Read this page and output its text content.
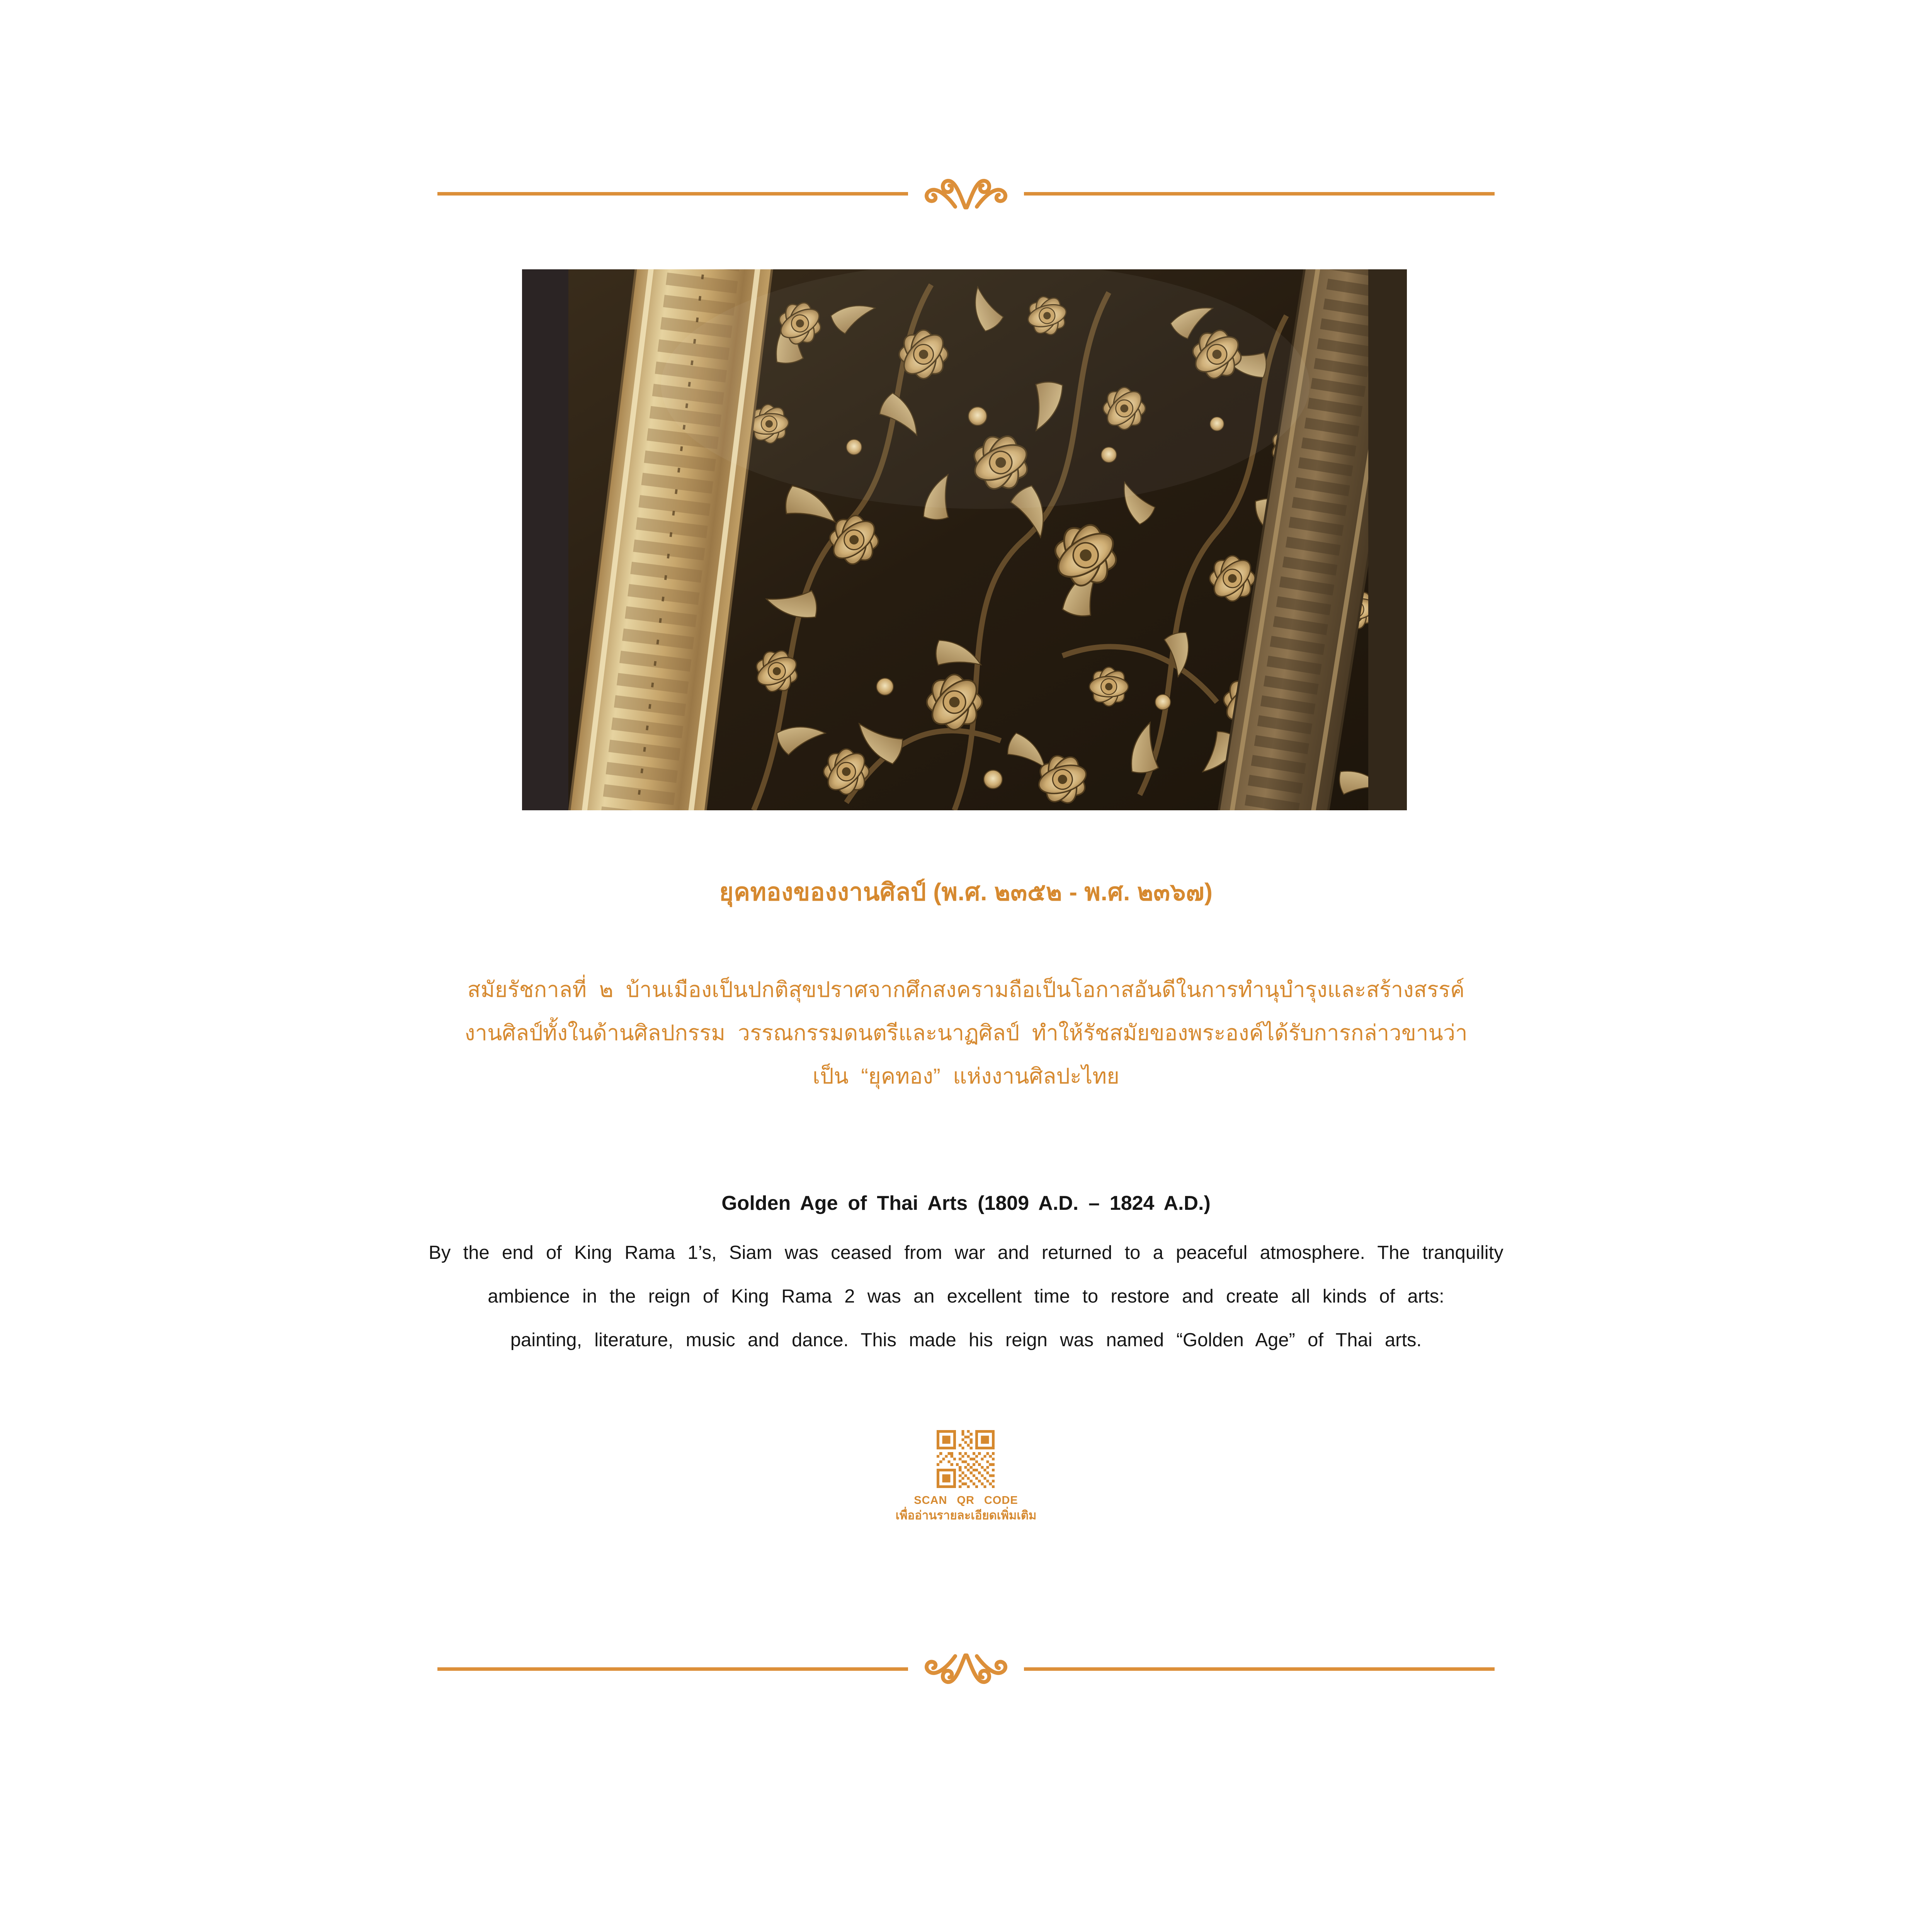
ยุคทองของงานศิลป์ (พ.ศ. ๒๓๕๒ - พ.ศ. ๒๓๖๗)

สมัยรัชกาลที่ ๒ บ้านเมืองเป็นปกติสุขปราศจากศึกสงครามถือเป็นโอกาสอันดีในการทำนุบำรุงและสร้างสรรค์
งานศิลป์ทั้งในด้านศิลปกรรม วรรณกรรมดนตรีและนาฏศิลป์ ทำให้รัชสมัยของพระองค์ได้รับการกล่าวขานว่า
เป็น “ยุคทอง” แห่งงานศิลปะไทย

Golden Age of Thai Arts (1809 A.D. – 1824 A.D.)

By the end of King Rama 1’s, Siam was ceased from war and returned to a peaceful atmosphere. The tranquility
ambience in the reign of King Rama 2 was an excellent time to restore and create all kinds of arts:
painting, literature, music and dance. This made his reign was named “Golden Age” of Thai arts.

SCAN QR CODE
เพื่ออ่านรายละเอียดเพิ่มเติม
